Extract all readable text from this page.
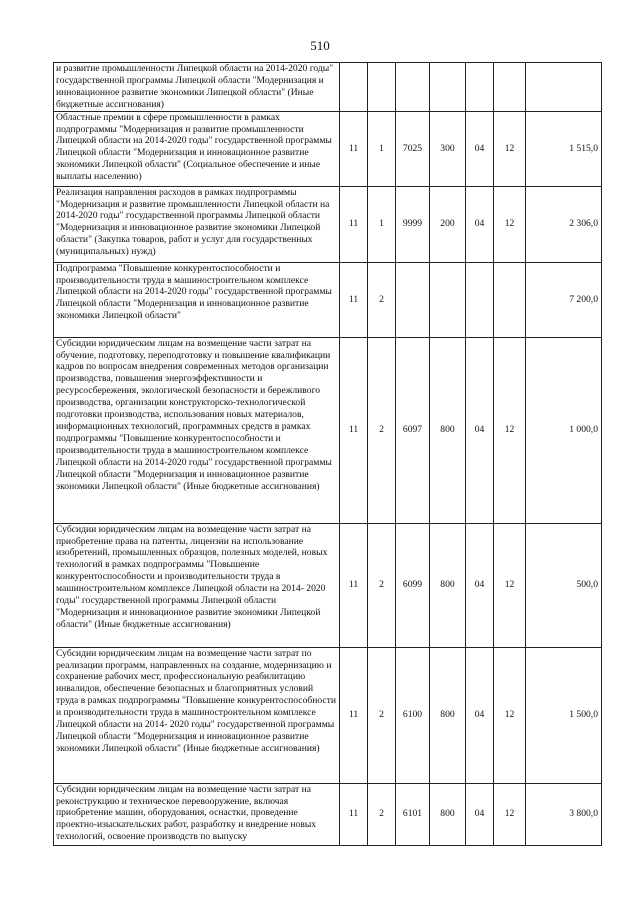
510
и развитие промышленности Липецкой области на 2014-2020 годы" государственной программы Липецкой области "Модернизация и инновационное развитие экономики Липецкой области" (Иные бюджетные ассигнования)							
Областные премии в сфере промышленности в рамках подпрограммы "Модернизация и развитие промышленности Липецкой области на 2014-2020 годы" государственной программы Липецкой области "Модернизация и инновационное развитие экономики Липецкой области" (Социальное обеспечение и иные выплаты населению)	11	1	7025	300	04	12	1 515,0
Реализация направления расходов в рамках подпрограммы "Модернизация и развитие промышленности Липецкой области на 2014-2020 годы" государственной программы Липецкой области "Модернизация и инновационное развитие экономики Липецкой области" (Закупка товаров, работ и услуг для государственных (муниципальных) нужд)	11	1	9999	200	04	12	2 306,0
Подпрограмма "Повышение конкурентоспособности и производительности труда в машиностроительном комплексе Липецкой области на 2014-2020 годы" государственной программы Липецкой области "Модернизация и инновационное развитие экономики Липецкой области"	11	2					7 200,0
Субсидии юридическим лицам на возмещение части затрат на обучение, подготовку, переподготовку и повышение квалификации кадров по вопросам внедрения современных методов организации производства, повышения энергоэффективности и ресурсосбережения, экологической безопасности и бережливого производства, организации конструкторско-технологической подготовки производства, использования новых материалов, информационных технологий, программных средств в рамках подпрограммы "Повышение конкурентоспособности и производительности труда в машиностроительном комплексе Липецкой области на 2014-2020 годы" государственной программы Липецкой области "Модернизация и инновационное развитие экономики Липецкой области" (Иные бюджетные ассигнования)	11	2	6097	800	04	12	1 000,0
Субсидии юридическим лицам на возмещение части затрат на приобретение права на патенты, лицензии на использование изобретений, промышленных образцов, полезных моделей, новых технологий в рамках подпрограммы "Повышение конкурентоспособности и производительности труда в машиностроительном комплексе Липецкой области на 2014- 2020 годы" государственной программы Липецкой области "Модернизация и инновационное развитие экономики Липецкой области" (Иные бюджетные ассигнования)	11	2	6099	800	04	12	500,0
Субсидии юридическим лицам на возмещение части затрат по реализации программ, направленных на создание, модернизацию и сохранение рабочих мест, профессиональную реабилитацию инвалидов, обеспечение безопасных и благоприятных условий труда в рамках подпрограммы "Повышение конкурентоспособности и производительности труда в машиностроительном комплексе Липецкой области на 2014- 2020 годы" государственной программы Липецкой области "Модернизация и инновационное развитие экономики Липецкой области" (Иные бюджетные ассигнования)	11	2	6100	800	04	12	1 500,0
Субсидии юридическим лицам на возмещение части затрат на реконструкцию и техническое перевооружение, включая приобретение машин, оборудования, оснастки, проведение проектно-изыскательских работ, разработку и внедрение новых технологий, освоение производств по выпуску	11	2	6101	800	04	12	3 800,0
